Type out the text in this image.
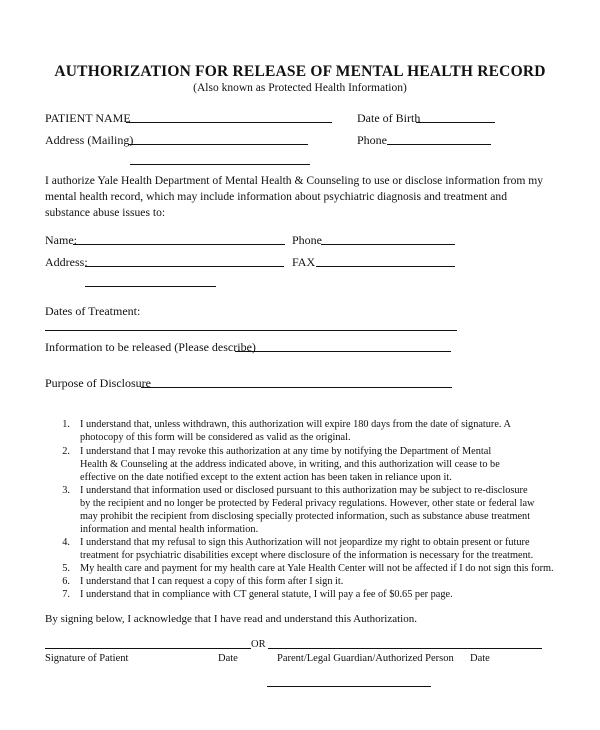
AUTHORIZATION FOR RELEASE OF MENTAL HEALTH RECORD
(Also known as Protected Health Information)
PATIENT NAME	Date of Birth
Address (Mailing)	Phone
I authorize Yale Health Department of Mental Health & Counseling to use or disclose information from my mental health record, which may include information about psychiatric diagnosis and treatment and substance abuse issues to:
Name:	Phone
Address:	FAX
Dates of Treatment:
Information to be released (Please describe)
Purpose of Disclosure
1. I understand that, unless withdrawn, this authorization will expire 180 days from the date of signature. A photocopy of this form will be considered as valid as the original.
2. I understand that I may revoke this authorization at any time by notifying the Department of Mental Health & Counseling at the address indicated above, in writing, and this authorization will cease to be effective on the date notified except to the extent action has been taken in reliance upon it.
3. I understand that information used or disclosed pursuant to this authorization may be subject to re-disclosure by the recipient and no longer be protected by Federal privacy regulations. However, other state or federal law may prohibit the recipient from disclosing specially protected information, such as substance abuse treatment information and mental health information.
4. I understand that my refusal to sign this Authorization will not jeopardize my right to obtain present or future treatment for psychiatric disabilities except where disclosure of the information is necessary for the treatment.
5. My health care and payment for my health care at Yale Health Center will not be affected if I do not sign this form.
6. I understand that I can request a copy of this form after I sign it.
7. I understand that in compliance with CT general statute, I will pay a fee of $0.65 per page.
By signing below, I acknowledge that I have read and understand this Authorization.
OR
Signature of Patient	Date	Parent/Legal Guardian/Authorized Person Date
